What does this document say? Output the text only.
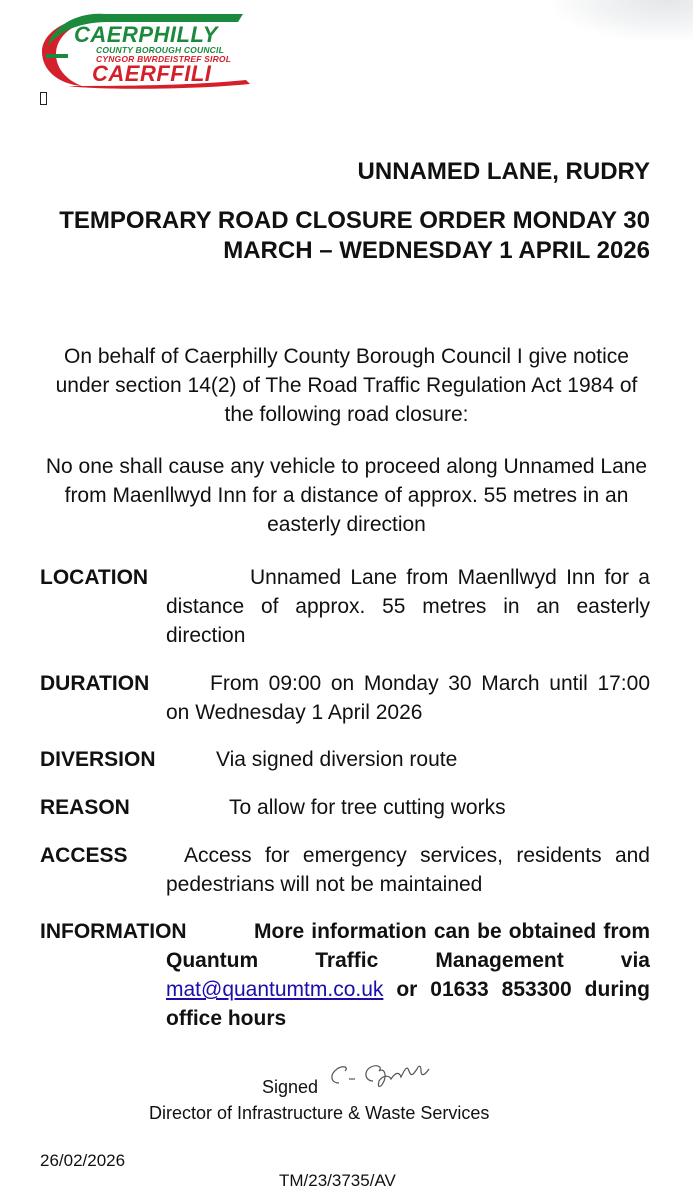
CAERPHILLY
COUNTY BOROUGH COUNCIL
CYNGOR BWRDEISTREF SIROL
CAERFFILI
UNNAMED LANE, RUDRY
TEMPORARY ROAD CLOSURE ORDER MONDAY 30 MARCH – WEDNESDAY 1 APRIL 2026
On behalf of Caerphilly County Borough Council I give notice under section 14(2) of The Road Traffic Regulation Act 1984 of the following road closure:
No one shall cause any vehicle to proceed along Unnamed Lane from Maenllwyd Inn for a distance of approx. 55 metres in an easterly direction
LOCATION	Unnamed Lane from Maenllwyd Inn for a distance of approx. 55 metres in an easterly direction
DURATION	From 09:00 on Monday 30 March until 17:00 on Wednesday 1 April 2026
DIVERSION	Via signed diversion route
REASON	To allow for tree cutting works
ACCESS	Access for emergency services, residents and pedestrians will not be maintained
INFORMATION	More information can be obtained from Quantum Traffic Management via mat@quantumtm.co.uk or 01633 853300 during office hours
Signed
Director of Infrastructure & Waste Services
26/02/2026
TM/23/3735/AV
